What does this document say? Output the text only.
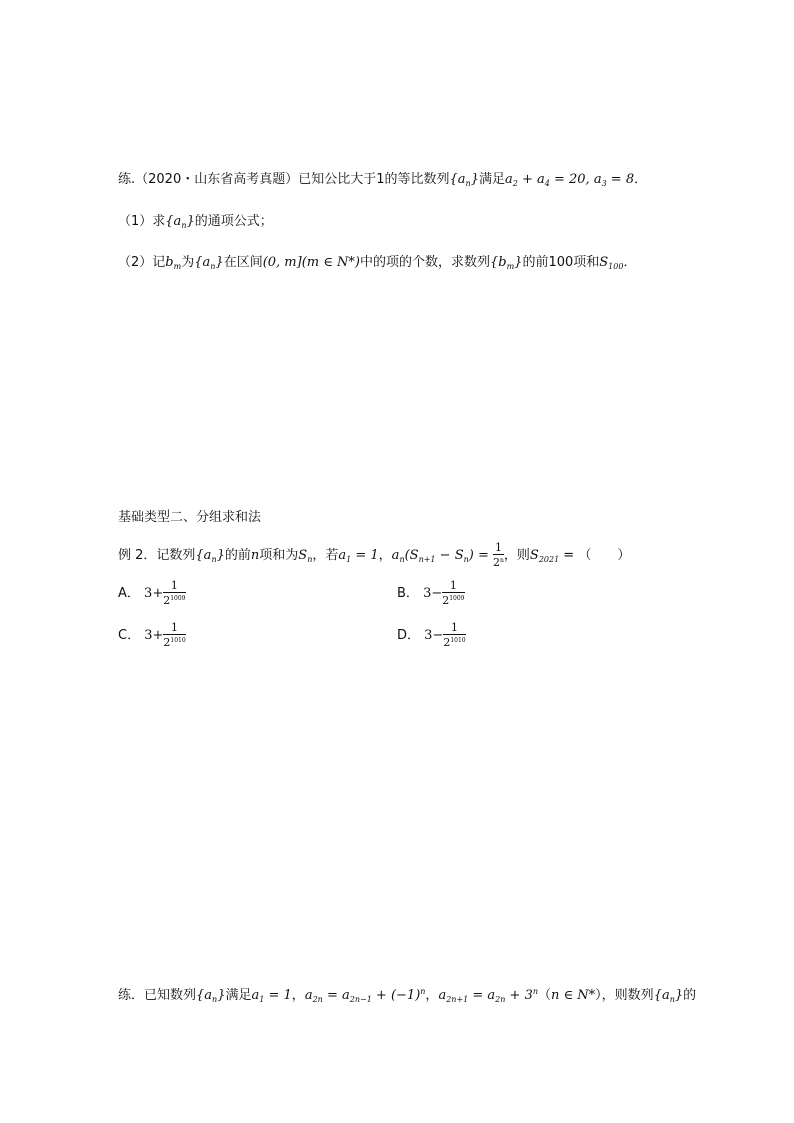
练.（2020・山东省高考真题）已知公比大于1的等比数列$\{a_n\}$满足$a_2 + a_4 = 20$, $a_3 = 8$．
（1）求$\{a_n\}$的通项公式；
（2）记$b_m$为$\{a_n\}$在区间(0, m](m ∈ N*)中的项的个数，求数列$\{b_m\}$的前100项和$S_{100}$．
基础类型二、分组求和法
例 2．记数列$\{a_n\}$的前n项和为$S_n$，若$a_1 = 1$，$a_n(S_{n+1} - S_n) = \frac{1}{2^n}$ ，则$S_{2021}$ = （　　）
A． $3+ \frac{1}{2^{1009}}$	B． $3- \frac{1}{2^{1009}}$
C． $3+ \frac{1}{2^{1010}}$	D． $3- \frac{1}{2^{1010}}$
练．已知数列$\{a_n\}$满足$a_1 = 1$，$a_{2n} = a_{2n-1} + (-1)^n$，$a_{2n+1} = a_{2n} + 3^n(n$ ∈ N*），则数列$\{a_n\}$的
